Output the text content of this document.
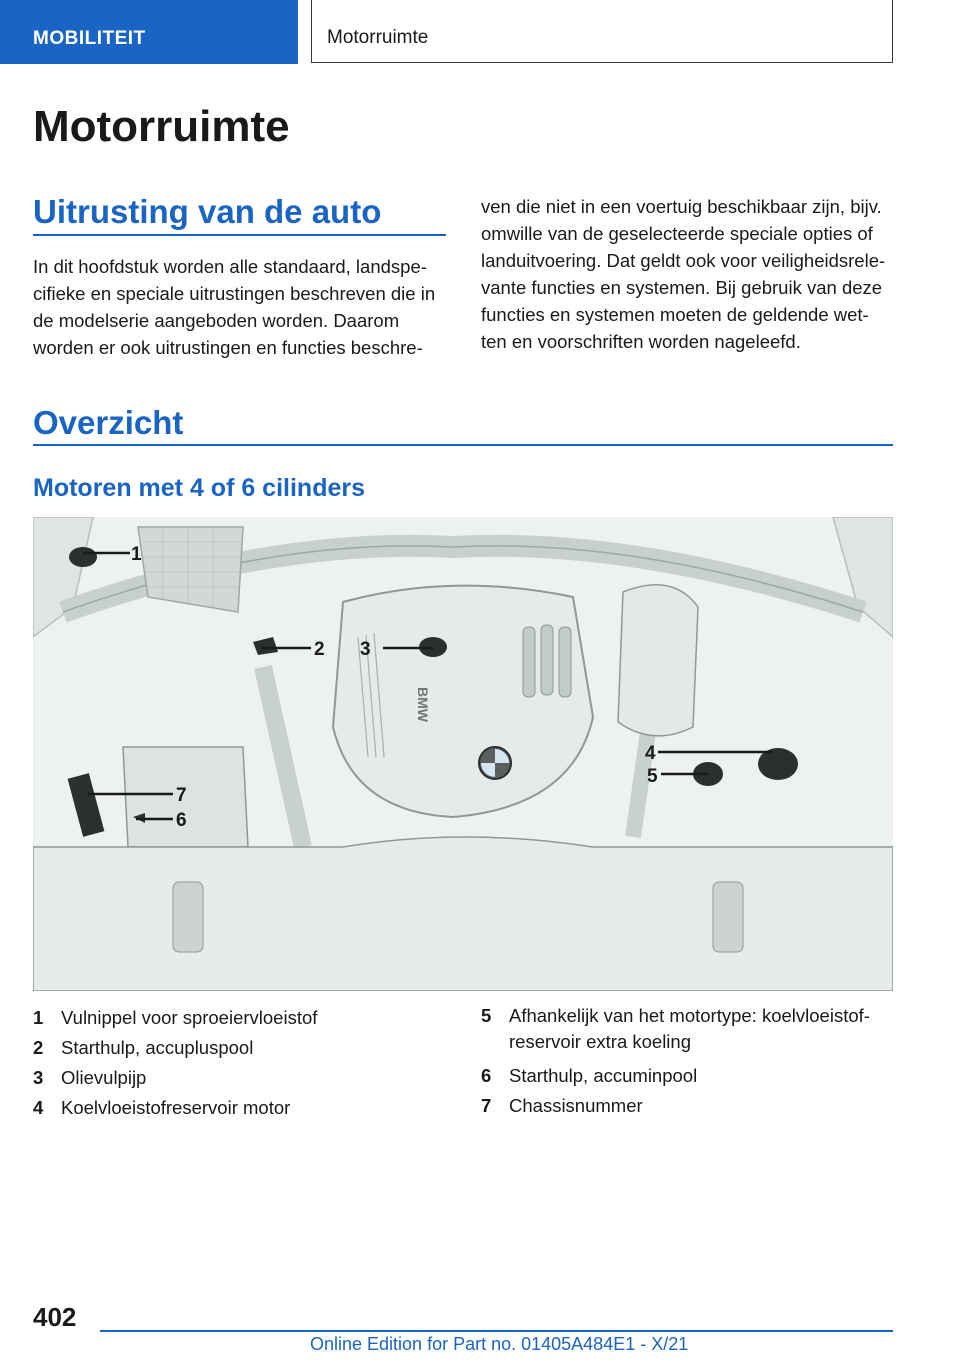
MOBILITEIT	Motorruimte
Motorruimte
Uitrusting van de auto
In dit hoofdstuk worden alle standaard, landspe-
cifieke en speciale uitrustingen beschreven die in
de modelserie aangeboden worden. Daarom
worden er ook uitrustingen en functies beschre-
ven die niet in een voertuig beschikbaar zijn, bijv.
omwille van de geselecteerde speciale opties of
landuitvoering. Dat geldt ook voor veiligheidsrele-
vante functies en systemen. Bij gebruik van deze
functies en systemen moeten de geldende wet-
ten en voorschriften worden nageleefd.
Overzicht
Motoren met 4 of 6 cilinders
BMW
1
2 3
4
5
6
7
1 Vulnippel voor sproeiervloeistof
2 Starthulp, accupluspool
3 Olievulpijp
4 Koelvloeistofreservoir motor
5 Afhankelijk van het motortype: koelvloeistof-
reservoir extra koeling
6 Starthulp, accuminpool
7 Chassisnummer
402
Online Edition for Part no. 01405A484E1 - X/21
